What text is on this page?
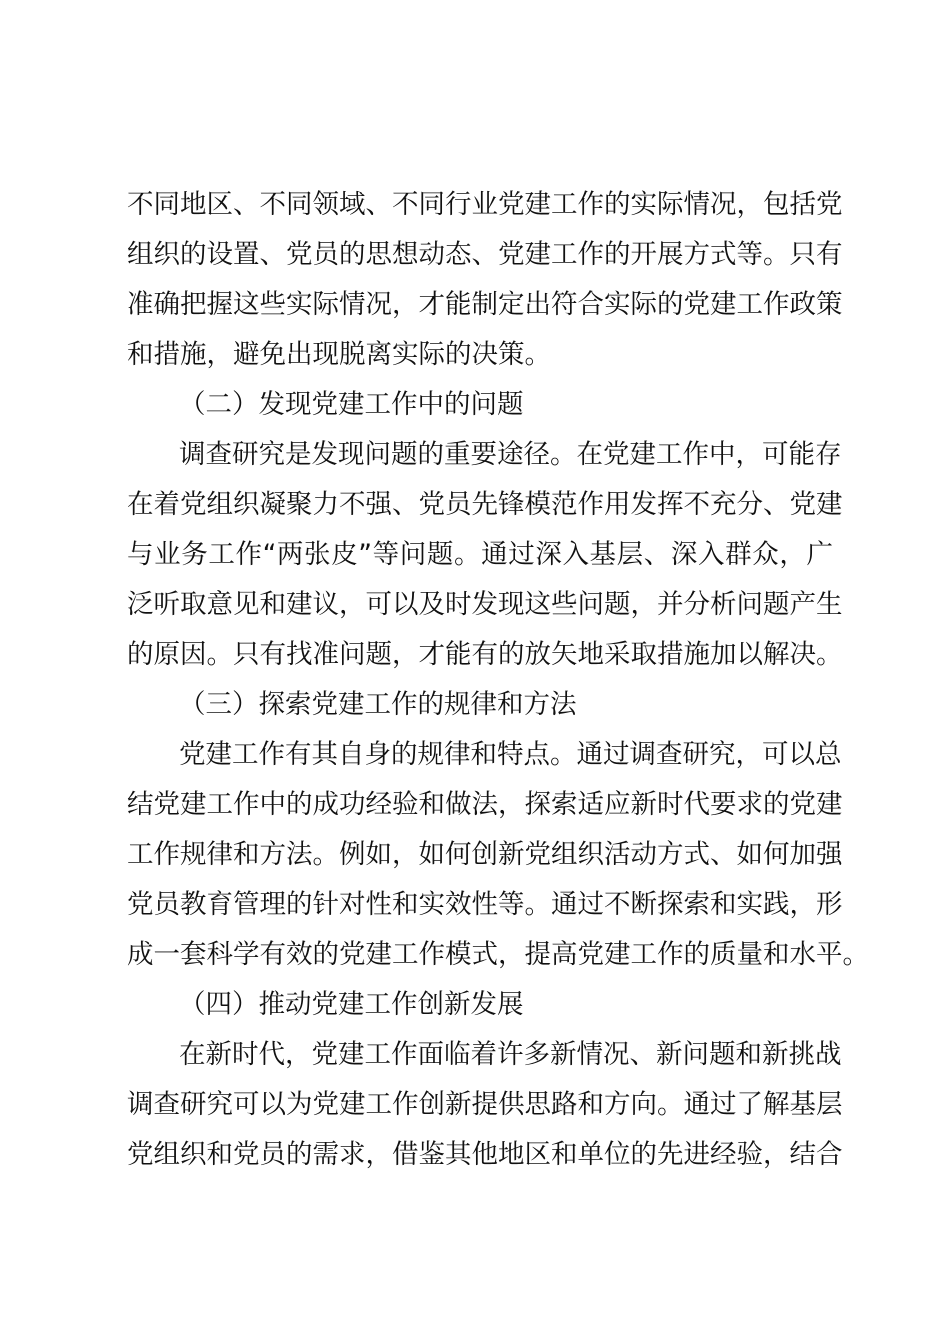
不同地区、不同领域、不同行业党建工作的实际情况，包括党
组织的设置、党员的思想动态、党建工作的开展方式等。只有
准确把握这些实际情况，才能制定出符合实际的党建工作政策
和措施，避免出现脱离实际的决策。
（二）发现党建工作中的问题
调查研究是发现问题的重要途径。在党建工作中，可能存
在着党组织凝聚力不强、党员先锋模范作用发挥不充分、党建
与业务工作“两张皮”等问题。通过深入基层、深入群众，广
泛听取意见和建议，可以及时发现这些问题，并分析问题产生
的原因。只有找准问题，才能有的放矢地采取措施加以解决。
（三）探索党建工作的规律和方法
党建工作有其自身的规律和特点。通过调查研究，可以总
结党建工作中的成功经验和做法，探索适应新时代要求的党建
工作规律和方法。例如，如何创新党组织活动方式、如何加强
党员教育管理的针对性和实效性等。通过不断探索和实践，形
成一套科学有效的党建工作模式，提高党建工作的质量和水平。
（四）推动党建工作创新发展
在新时代，党建工作面临着许多新情况、新问题和新挑战
调查研究可以为党建工作创新提供思路和方向。通过了解基层
党组织和党员的需求，借鉴其他地区和单位的先进经验，结合
